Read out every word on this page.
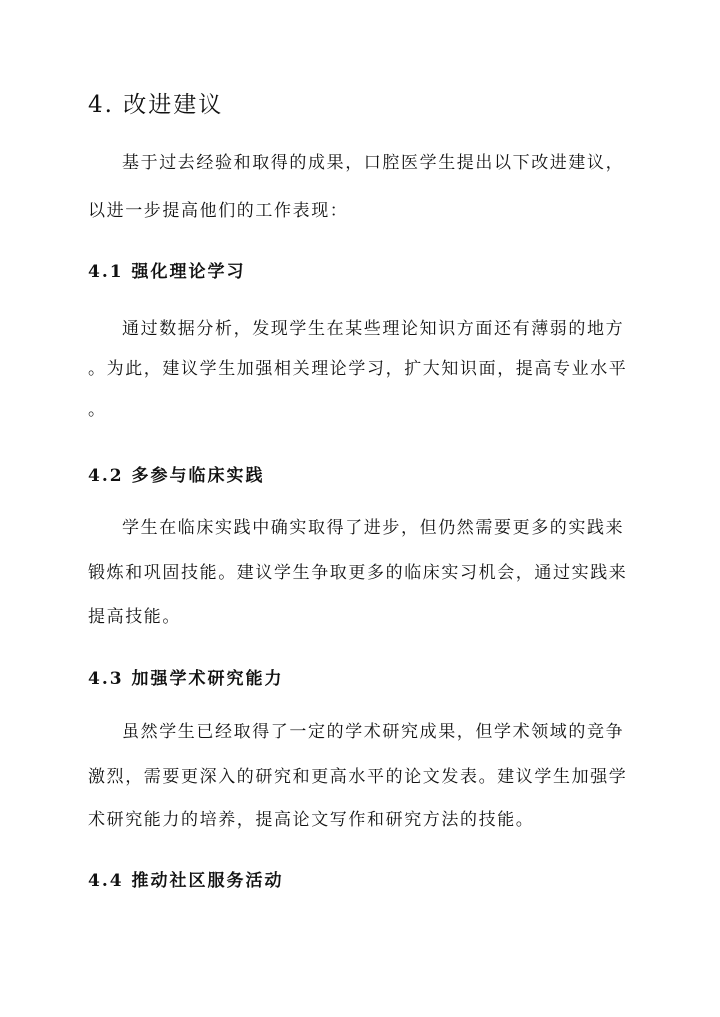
4. 改进建议
基于过去经验和取得的成果，口腔医学生提出以下改进建议，
以进一步提高他们的工作表现：
4.1 强化理论学习
通过数据分析，发现学生在某些理论知识方面还有薄弱的地方
。为此，建议学生加强相关理论学习，扩大知识面，提高专业水平
。
4.2 多参与临床实践
学生在临床实践中确实取得了进步，但仍然需要更多的实践来
锻炼和巩固技能。建议学生争取更多的临床实习机会，通过实践来
提高技能。
4.3 加强学术研究能力
虽然学生已经取得了一定的学术研究成果，但学术领域的竞争
激烈，需要更深入的研究和更高水平的论文发表。建议学生加强学
术研究能力的培养，提高论文写作和研究方法的技能。
4.4 推动社区服务活动
